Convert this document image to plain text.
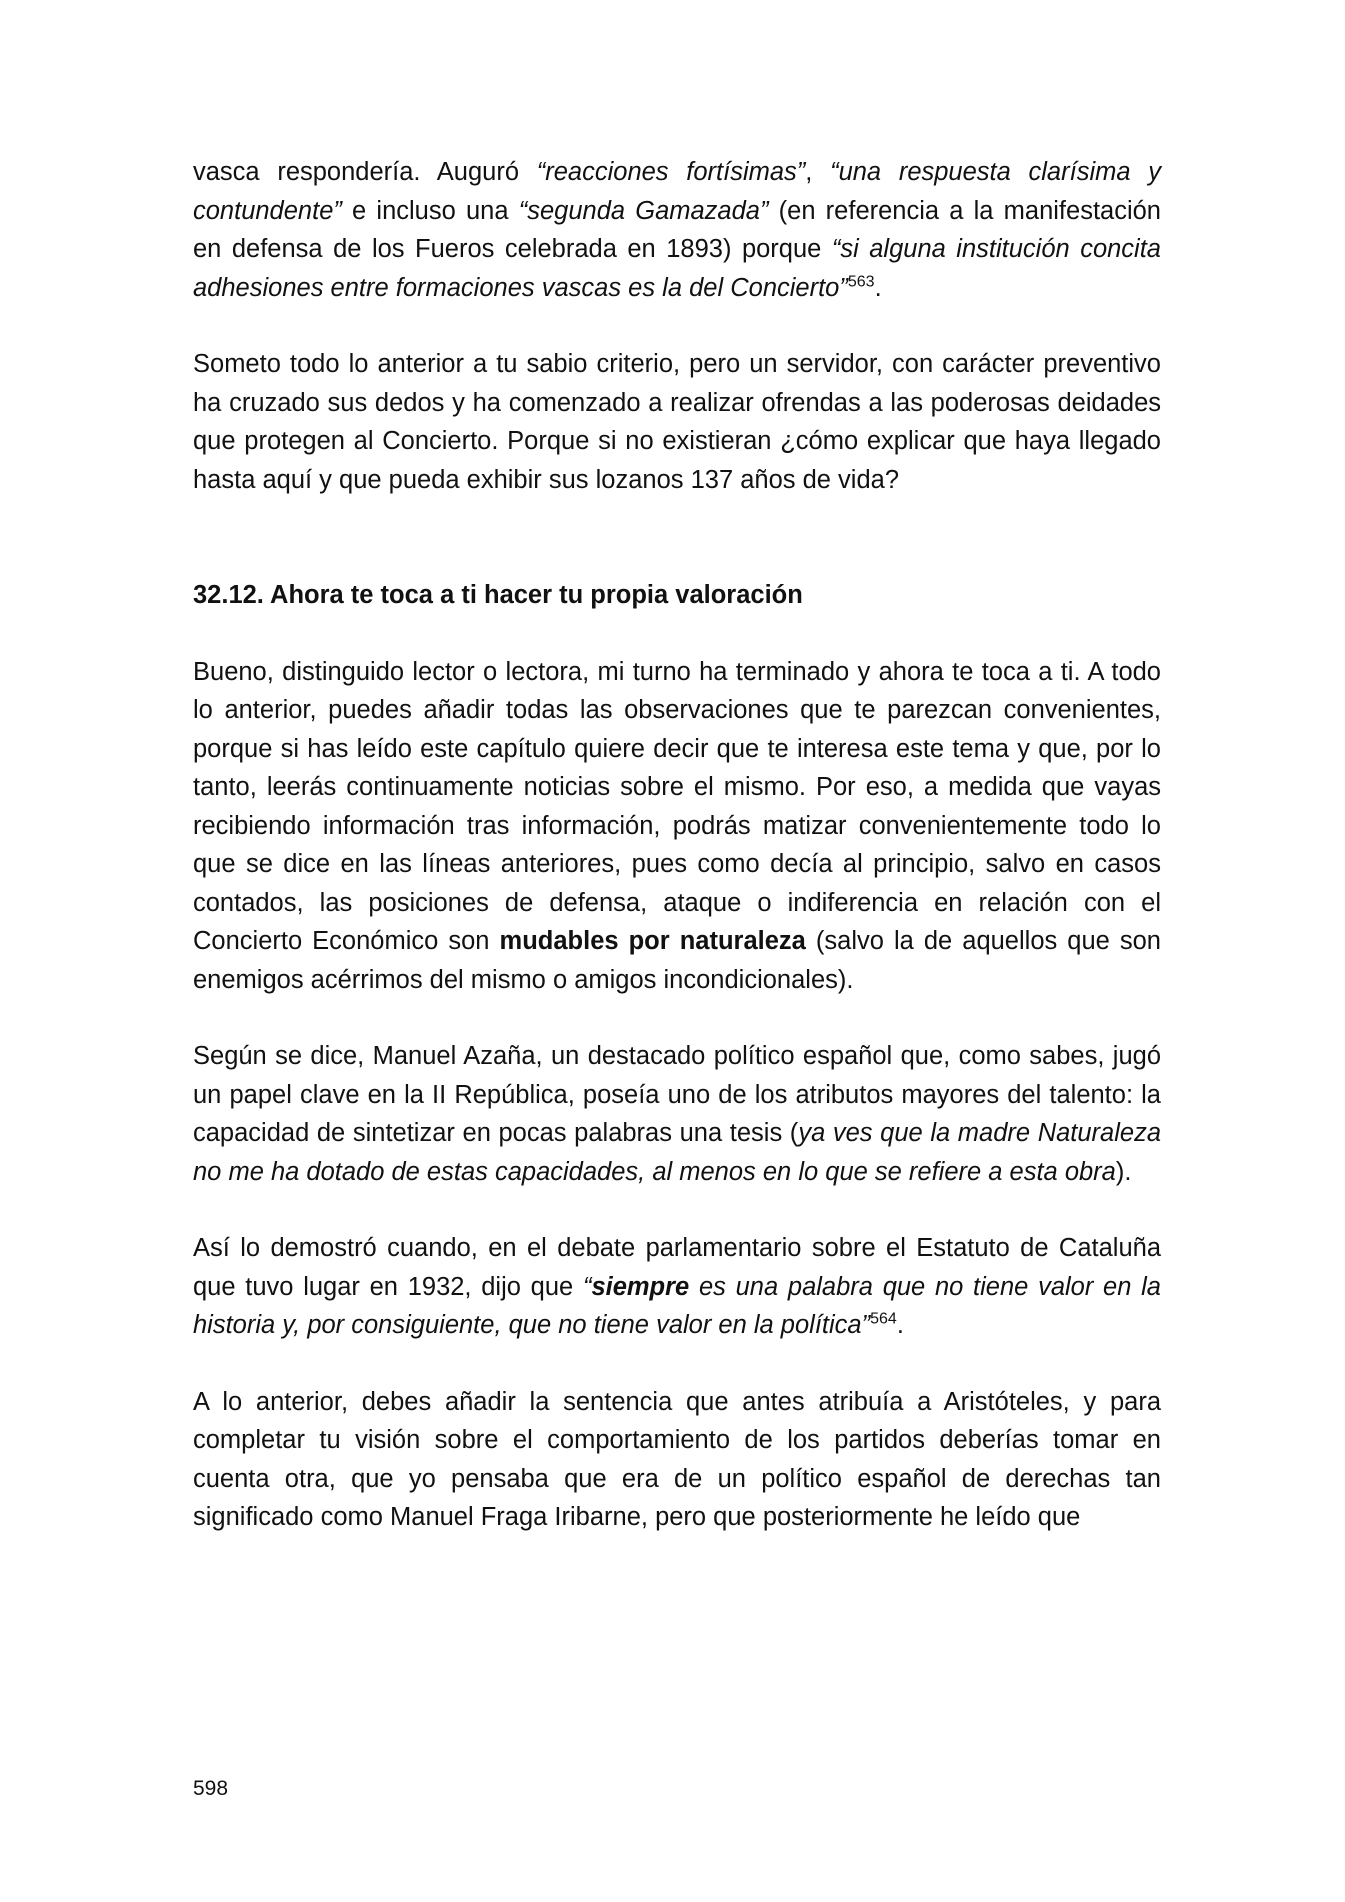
vasca respondería. Auguró “reacciones fortísimas”, “una respuesta clarísima y contundente” e incluso una “segunda Gamazada” (en referencia a la manifestación en defensa de los Fueros celebrada en 1893) porque “si alguna institución concita adhesiones entre formaciones vascas es la del Concierto”$^{563}$.

Someto todo lo anterior a tu sabio criterio, pero un servidor, con carácter preventivo ha cruzado sus dedos y ha comenzado a realizar ofrendas a las poderosas deidades que protegen al Concierto. Porque si no existieran ¿cómo explicar que haya llegado hasta aquí y que pueda exhibir sus lozanos 137 años de vida?

32.12. Ahora te toca a ti hacer tu propia valoración

Bueno, distinguido lector o lectora, mi turno ha terminado y ahora te toca a ti. A todo lo anterior, puedes añadir todas las observaciones que te parezcan convenientes, porque si has leído este capítulo quiere decir que te interesa este tema y que, por lo tanto, leerás continuamente noticias sobre el mismo. Por eso, a medida que vayas recibiendo información tras información, podrás matizar convenientemente todo lo que se dice en las líneas anteriores, pues como decía al principio, salvo en casos contados, las posiciones de defensa, ataque o indiferencia en relación con el Concierto Económico son mudables por naturaleza (salvo la de aquellos que son enemigos acérrimos del mismo o amigos incondicionales).

Según se dice, Manuel Azaña, un destacado político español que, como sabes, jugó un papel clave en la II República, poseía uno de los atributos mayores del talento: la capacidad de sintetizar en pocas palabras una tesis (ya ves que la madre Naturaleza no me ha dotado de estas capacidades, al menos en lo que se refiere a esta obra).

Así lo demostró cuando, en el debate parlamentario sobre el Estatuto de Cataluña que tuvo lugar en 1932, dijo que “siempre es una palabra que no tiene valor en la historia y, por consiguiente, que no tiene valor en la política”$^{564}$.

A lo anterior, debes añadir la sentencia que antes atribuía a Aristóteles, y para completar tu visión sobre el comportamiento de los partidos deberías tomar en cuenta otra, que yo pensaba que era de un político español de derechas tan significado como Manuel Fraga Iribarne, pero que posteriormente he leído que

598
